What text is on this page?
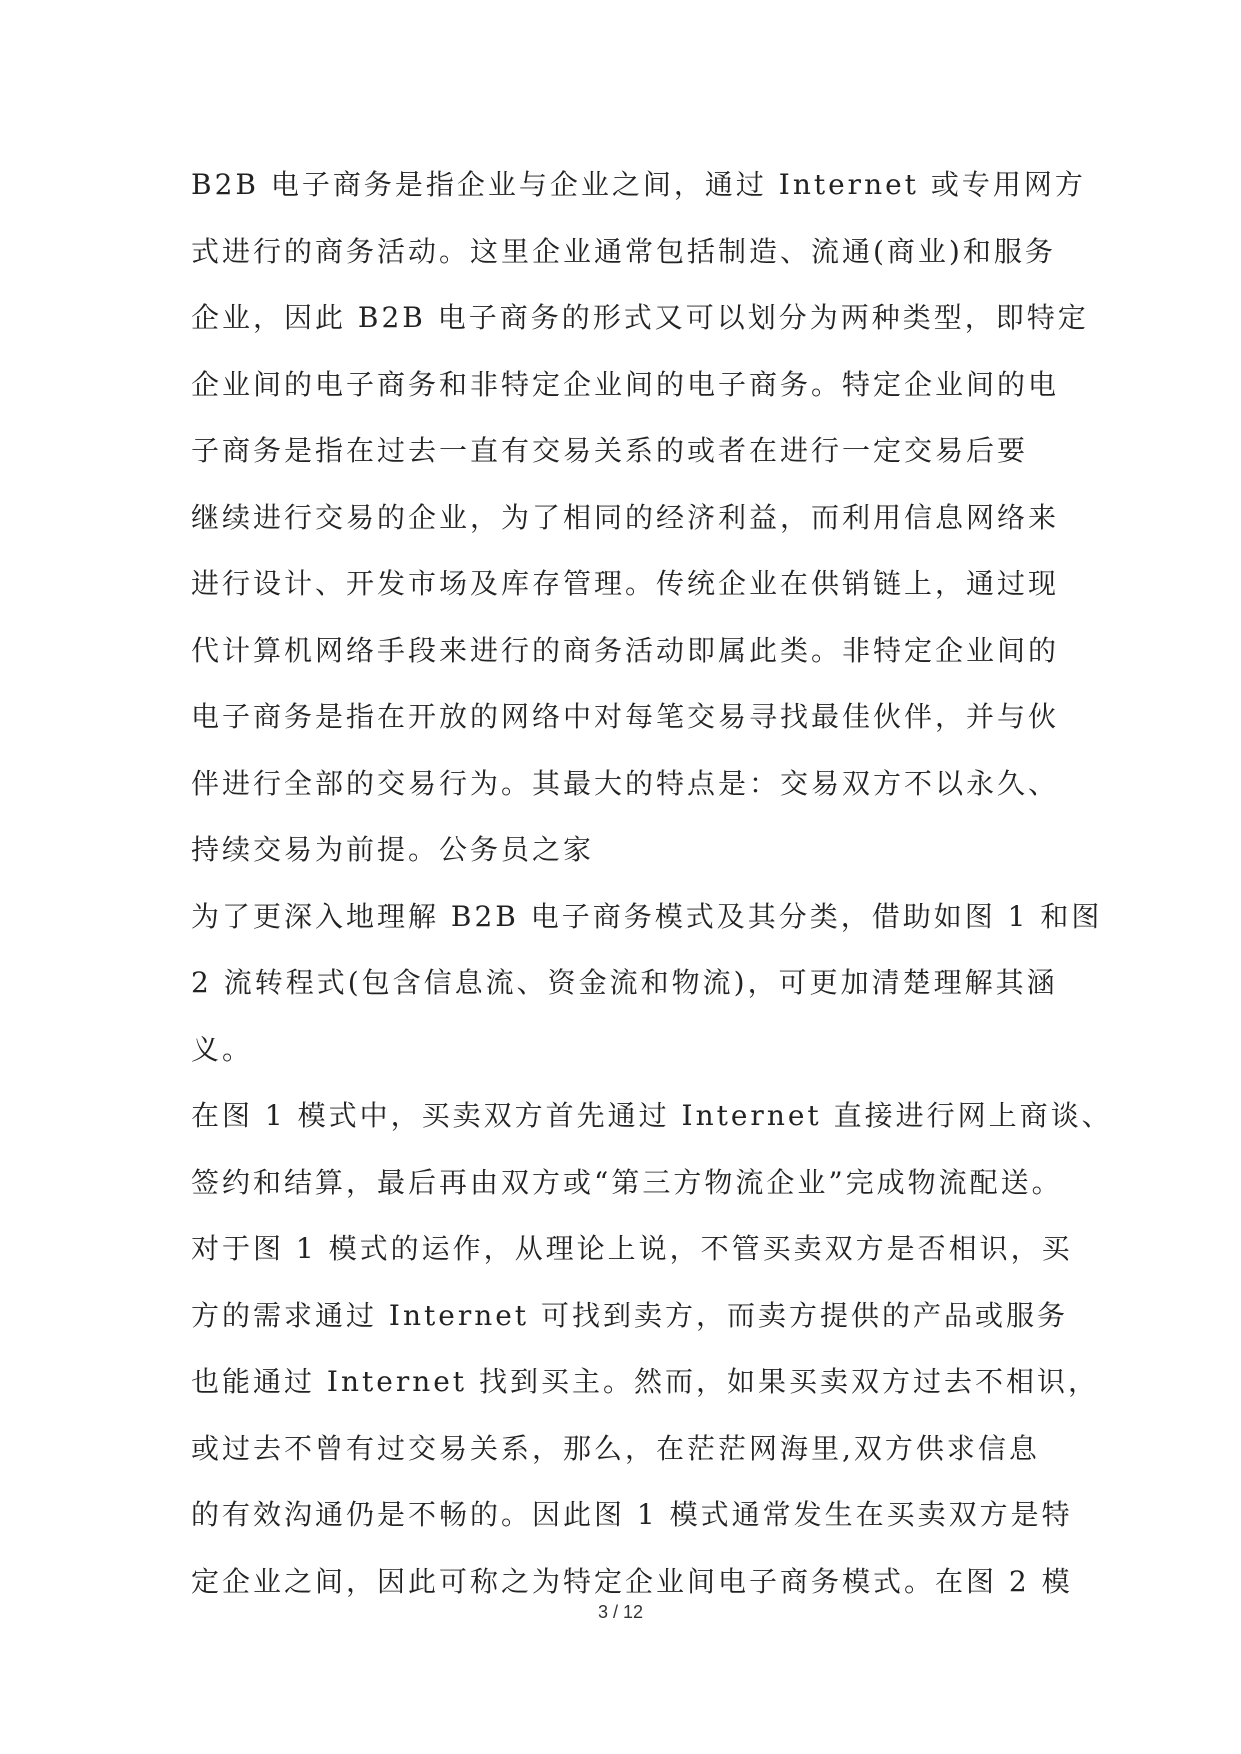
B2B 电子商务是指企业与企业之间，通过 Internet 或专用网方
式进行的商务活动。这里企业通常包括制造、流通(商业)和服务
企业，因此 B2B 电子商务的形式又可以划分为两种类型，即特定
企业间的电子商务和非特定企业间的电子商务。特定企业间的电
子商务是指在过去一直有交易关系的或者在进行一定交易后要
继续进行交易的企业，为了相同的经济利益，而利用信息网络来
进行设计、开发市场及库存管理。传统企业在供销链上，通过现
代计算机网络手段来进行的商务活动即属此类。非特定企业间的
电子商务是指在开放的网络中对每笔交易寻找最佳伙伴，并与伙
伴进行全部的交易行为。其最大的特点是：交易双方不以永久、
持续交易为前提。公务员之家
为了更深入地理解 B2B 电子商务模式及其分类，借助如图 1 和图
2 流转程式(包含信息流、资金流和物流)，可更加清楚理解其涵
义。
在图 1 模式中，买卖双方首先通过 Internet 直接进行网上商谈、
签约和结算，最后再由双方或“第三方物流企业”完成物流配送。
对于图 1 模式的运作，从理论上说，不管买卖双方是否相识，买
方的需求通过 Internet 可找到卖方，而卖方提供的产品或服务
也能通过 Internet 找到买主。然而，如果买卖双方过去不相识，
或过去不曾有过交易关系，那么，在茫茫网海里,双方供求信息
的有效沟通仍是不畅的。因此图 1 模式通常发生在买卖双方是特
定企业之间，因此可称之为特定企业间电子商务模式。在图 2 模
3 / 12
